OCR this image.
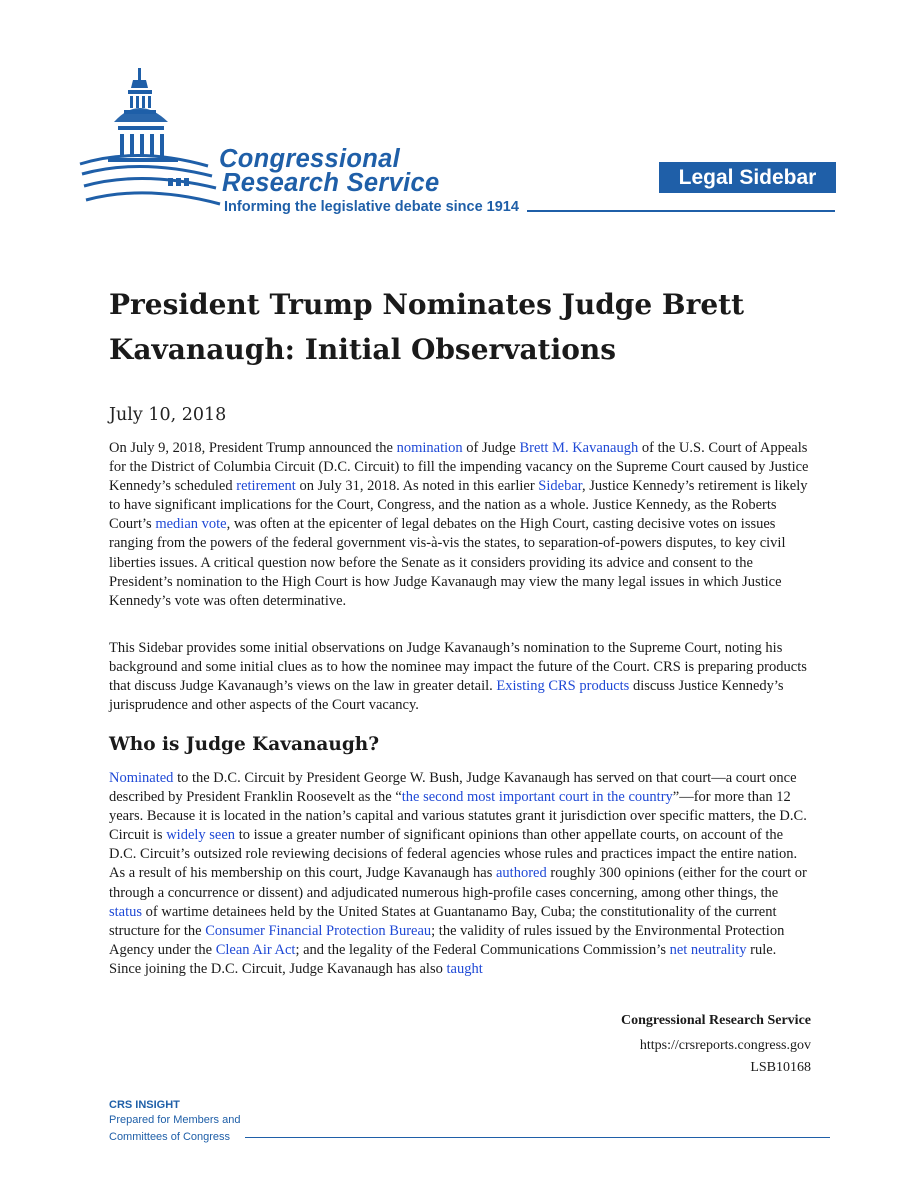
Congressional
Research Service
Informing the legislative debate since 1914
Legal Sidebar
President Trump Nominates Judge Brett Kavanaugh: Initial Observations
July 10, 2018

On July 9, 2018, President Trump announced the nomination of Judge Brett M. Kavanaugh of the U.S. Court of Appeals for the District of Columbia Circuit (D.C. Circuit) to fill the impending vacancy on the Supreme Court caused by Justice Kennedy’s scheduled retirement on July 31, 2018. As noted in this earlier Sidebar, Justice Kennedy’s retirement is likely to have significant implications for the Court, Congress, and the nation as a whole. Justice Kennedy, as the Roberts Court’s median vote, was often at the epicenter of legal debates on the High Court, casting decisive votes on issues ranging from the powers of the federal government vis-à-vis the states, to separation-of-powers disputes, to key civil liberties issues. A critical question now before the Senate as it considers providing its advice and consent to the President’s nomination to the High Court is how Judge Kavanaugh may view the many legal issues in which Justice Kennedy’s vote was often determinative.

This Sidebar provides some initial observations on Judge Kavanaugh’s nomination to the Supreme Court, noting his background and some initial clues as to how the nominee may impact the future of the Court. CRS is preparing products that discuss Judge Kavanaugh’s views on the law in greater detail. Existing CRS products discuss Justice Kennedy’s jurisprudence and other aspects of the Court vacancy.

Who is Judge Kavanaugh?

Nominated to the D.C. Circuit by President George W. Bush, Judge Kavanaugh has served on that court—a court once described by President Franklin Roosevelt as the “the second most important court in the country”—for more than 12 years. Because it is located in the nation’s capital and various statutes grant it jurisdiction over specific matters, the D.C. Circuit is widely seen to issue a greater number of significant opinions than other appellate courts, on account of the D.C. Circuit’s outsized role reviewing decisions of federal agencies whose rules and practices impact the entire nation. As a result of his membership on this court, Judge Kavanaugh has authored roughly 300 opinions (either for the court or through a concurrence or dissent) and adjudicated numerous high-profile cases concerning, among other things, the status of wartime detainees held by the United States at Guantanamo Bay, Cuba; the constitutionality of the current structure for the Consumer Financial Protection Bureau; the validity of rules issued by the Environmental Protection Agency under the Clean Air Act; and the legality of the Federal Communications Commission’s net neutrality rule. Since joining the D.C. Circuit, Judge Kavanaugh has also taught

Congressional Research Service
https://crsreports.congress.gov
LSB10168
CRS INSIGHT
Prepared for Members and
Committees of Congress
